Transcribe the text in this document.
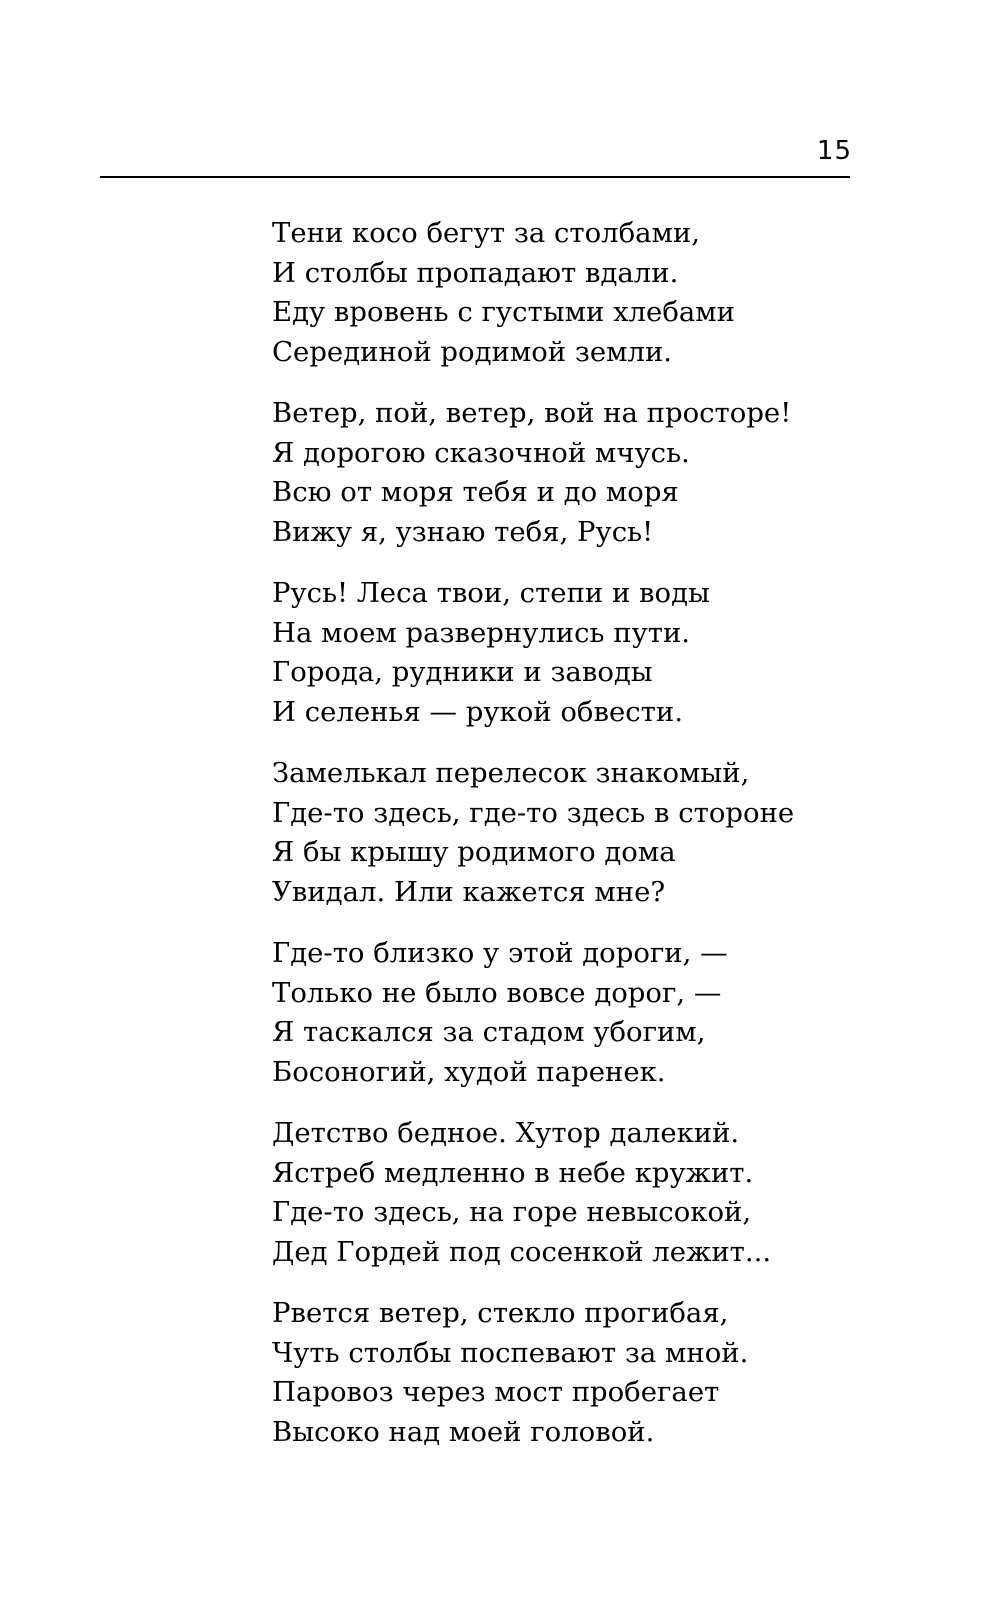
15
Тени косо бегут за столбами,
И столбы пропадают вдали.
Еду вровень с густыми хлебами
Серединой родимой земли.
Ветер, пой, ветер, вой на просторе!
Я дорогою сказочной мчусь.
Всю от моря тебя и до моря
Вижу я, узнаю тебя, Русь!
Русь! Леса твои, степи и воды
На моем развернулись пути.
Города, рудники и заводы
И селенья — рукой обвести.
Замелькал перелесок знакомый,
Где-то здесь, где-то здесь в стороне
Я бы крышу родимого дома
Увидал. Или кажется мне?
Где-то близко у этой дороги, —
Только не было вовсе дорог, —
Я таскался за стадом убогим,
Босоногий, худой паренек.
Детство бедное. Хутор далекий.
Ястреб медленно в небе кружит.
Где-то здесь, на горе невысокой,
Дед Гордей под сосенкой лежит...
Рвется ветер, стекло прогибая,
Чуть столбы поспевают за мной.
Паровоз через мост пробегает
Высоко над моей головой.
